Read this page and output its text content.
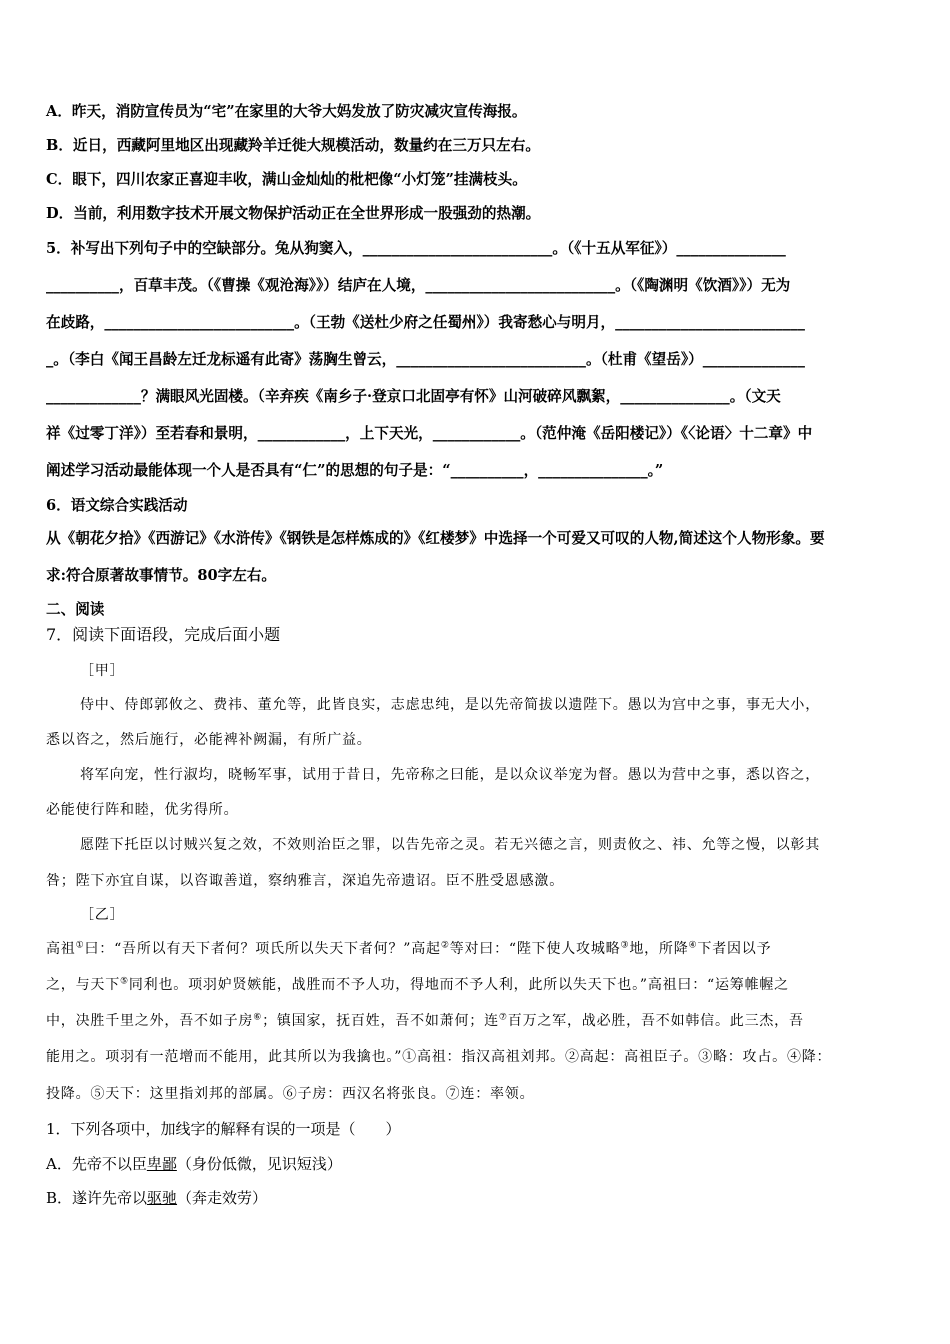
A．昨天，消防宣传员为“宅”在家里的大爷大妈发放了防灾减灾宣传海报。
B．近日，西藏阿里地区出现藏羚羊迁徙大规模活动，数量约在三万只左右。
C．眼下，四川农家正喜迎丰收，满山金灿灿的枇杷像“小灯笼”挂满枝头。
D．当前，利用数字技术开展文物保护活动正在全世界形成一股强劲的热潮。
5．补写出下列句子中的空缺部分。兔从狗窦入，__________________________。（《十五从军征》）_______________
__________，百草丰茂。（《曹操《观沧海》》）结庐在人境，__________________________。（《陶渊明《饮酒》》）无为
在歧路，__________________________。（王勃《送杜少府之任蜀州》）我寄愁心与明月，__________________________
_。（李白《闻王昌龄左迁龙标遥有此寄》荡胸生曾云，__________________________。（杜甫《望岳》）______________
_____________？满眼风光固楼。（辛弃疾《南乡子·登京口北固亭有怀》山河破碎风飘絮，_______________。（文天
祥《过零丁洋》）至若春和景明，____________，上下天光，____________。（范仲淹《岳阳楼记》）《〈论语〉十二章》中
阐述学习活动最能体现一个人是否具有“仁”的思想的句子是：“__________，_______________。”
6．语文综合实践活动
从《朝花夕拾》《西游记》《水浒传》《钢铁是怎样炼成的》《红楼梦》中选择一个可爱又可叹的人物,简述这个人物形象。要
求:符合原著故事情节。80字左右。
二、阅读
7．阅读下面语段，完成后面小题
［甲］
侍中、侍郎郭攸之、费祎、董允等，此皆良实，志虑忠纯，是以先帝简拔以遗陛下。愚以为宫中之事，事无大小，
悉以咨之，然后施行，必能裨补阙漏，有所广益。
将军向宠，性行淑均，晓畅军事，试用于昔日，先帝称之曰能，是以众议举宠为督。愚以为营中之事，悉以咨之，
必能使行阵和睦，优劣得所。
愿陛下托臣以讨贼兴复之效，不效则治臣之罪，以告先帝之灵。若无兴德之言，则责攸之、祎、允等之慢，以彰其
咎；陛下亦宜自谋，以咨诹善道，察纳雅言，深追先帝遗诏。臣不胜受恩感激。
［乙］
高祖①曰：“吾所以有天下者何？项氏所以失天下者何？”高起②等对曰：“陛下使人攻城略③地，所降④下者因以予
之，与天下⑤同利也。项羽妒贤嫉能，战胜而不予人功，得地而不予人利，此所以失天下也。”高祖曰：“运筹帷幄之
中，决胜千里之外，吾不如子房⑥；镇国家，抚百姓，吾不如萧何；连⑦百万之军，战必胜，吾不如韩信。此三杰，吾
能用之。项羽有一范增而不能用，此其所以为我擒也。”①高祖：指汉高祖刘邦。②高起：高祖臣子。③略：攻占。④降：
投降。⑤天下：这里指刘邦的部属。⑥子房：西汉名将张良。⑦连：率领。
1．下列各项中，加线字的解释有误的一项是（　　）
A．先帝不以臣卑鄙（身份低微，见识短浅）
B．遂许先帝以驱驰（奔走效劳）
